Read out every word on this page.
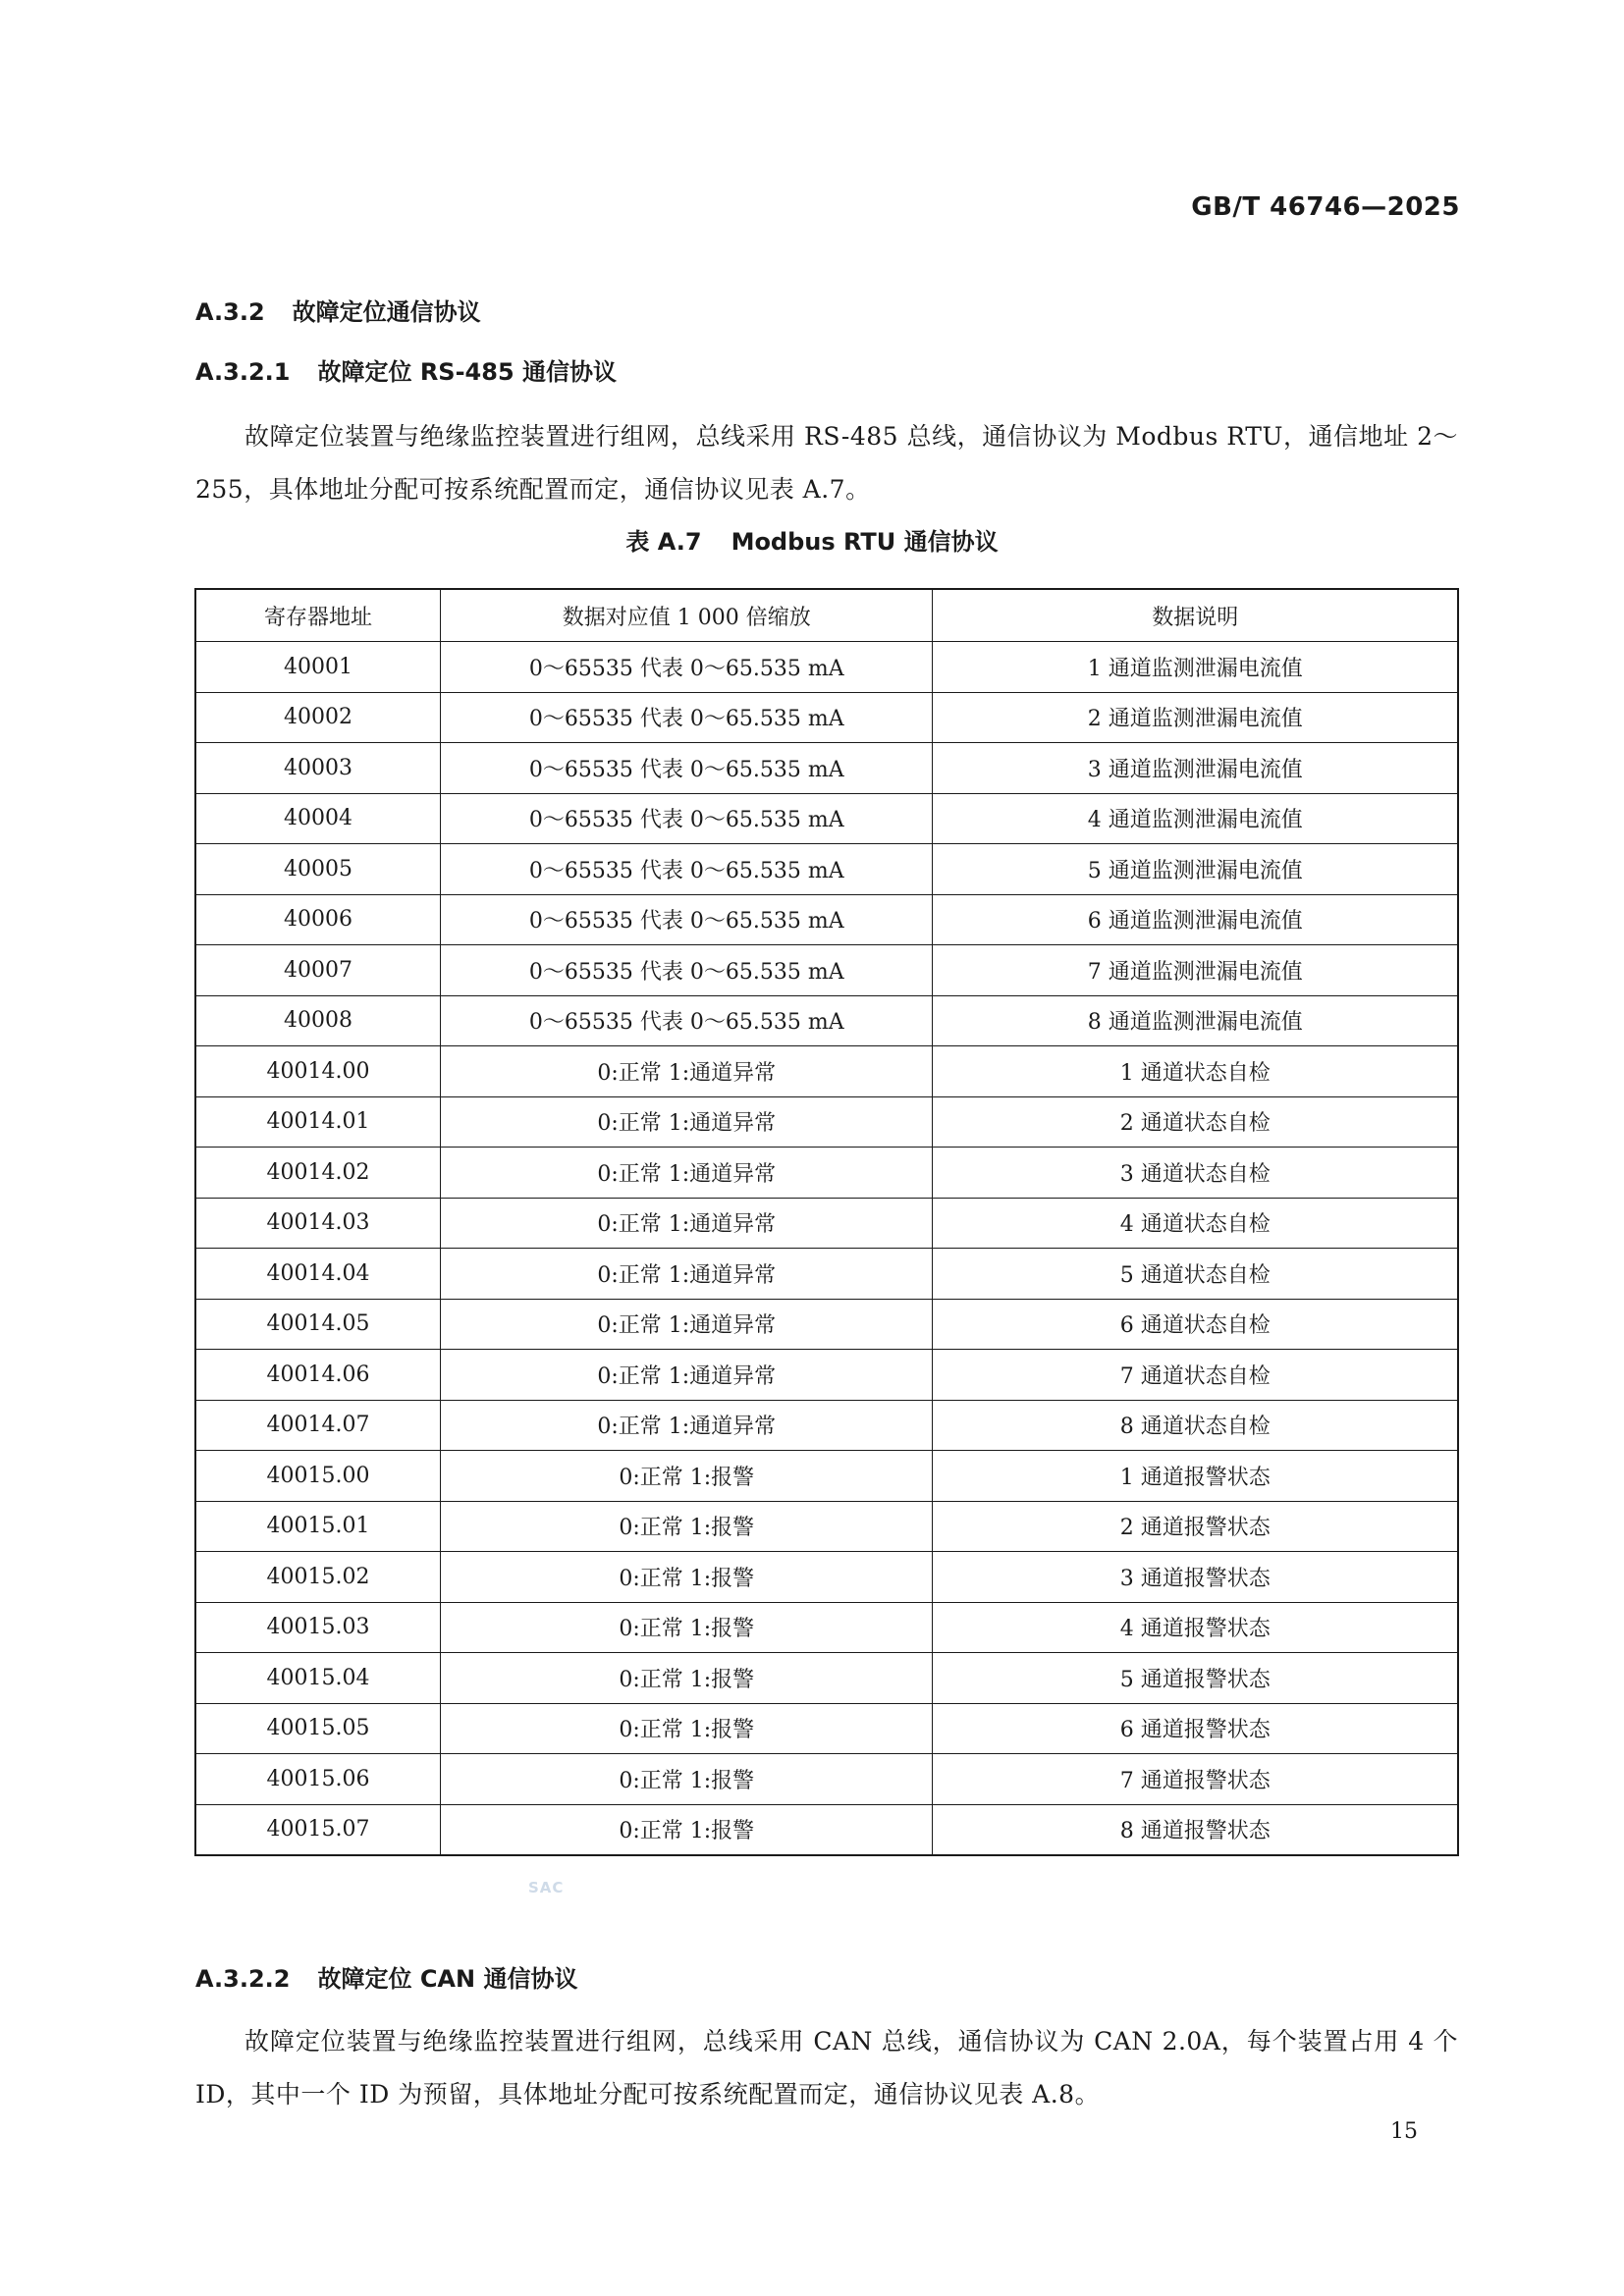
GB/T 46746—2025
A.3.2 故障定位通信协议
A.3.2.1 故障定位 RS-485 通信协议
故障定位装置与绝缘监控装置进行组网，总线采用 RS-485 总线，通信协议为 Modbus RTU，通信地址 2～255，具体地址分配可按系统配置而定，通信协议见表 A.7。
表 A.7 Modbus RTU 通信协议
寄存器地址	数据对应值 1 000 倍缩放	数据说明
40001	0～65535 代表 0～65.535 mA	1 通道监测泄漏电流值
40002	0～65535 代表 0～65.535 mA	2 通道监测泄漏电流值
40003	0～65535 代表 0～65.535 mA	3 通道监测泄漏电流值
40004	0～65535 代表 0～65.535 mA	4 通道监测泄漏电流值
40005	0～65535 代表 0～65.535 mA	5 通道监测泄漏电流值
40006	0～65535 代表 0～65.535 mA	6 通道监测泄漏电流值
40007	0～65535 代表 0～65.535 mA	7 通道监测泄漏电流值
40008	0～65535 代表 0～65.535 mA	8 通道监测泄漏电流值
40014.00	0:正常 1:通道异常	1 通道状态自检
40014.01	0:正常 1:通道异常	2 通道状态自检
40014.02	0:正常 1:通道异常	3 通道状态自检
40014.03	0:正常 1:通道异常	4 通道状态自检
40014.04	0:正常 1:通道异常	5 通道状态自检
40014.05	0:正常 1:通道异常	6 通道状态自检
40014.06	0:正常 1:通道异常	7 通道状态自检
40014.07	0:正常 1:通道异常	8 通道状态自检
40015.00	0:正常 1:报警	1 通道报警状态
40015.01	0:正常 1:报警	2 通道报警状态
40015.02	0:正常 1:报警	3 通道报警状态
40015.03	0:正常 1:报警	4 通道报警状态
40015.04	0:正常 1:报警	5 通道报警状态
40015.05	0:正常 1:报警	6 通道报警状态
40015.06	0:正常 1:报警	7 通道报警状态
40015.07	0:正常 1:报警	8 通道报警状态
A.3.2.2 故障定位 CAN 通信协议
故障定位装置与绝缘监控装置进行组网，总线采用 CAN 总线，通信协议为 CAN 2.0A，每个装置占用 4 个 ID，其中一个 ID 为预留，具体地址分配可按系统配置而定，通信协议见表 A.8。
15
SAC
